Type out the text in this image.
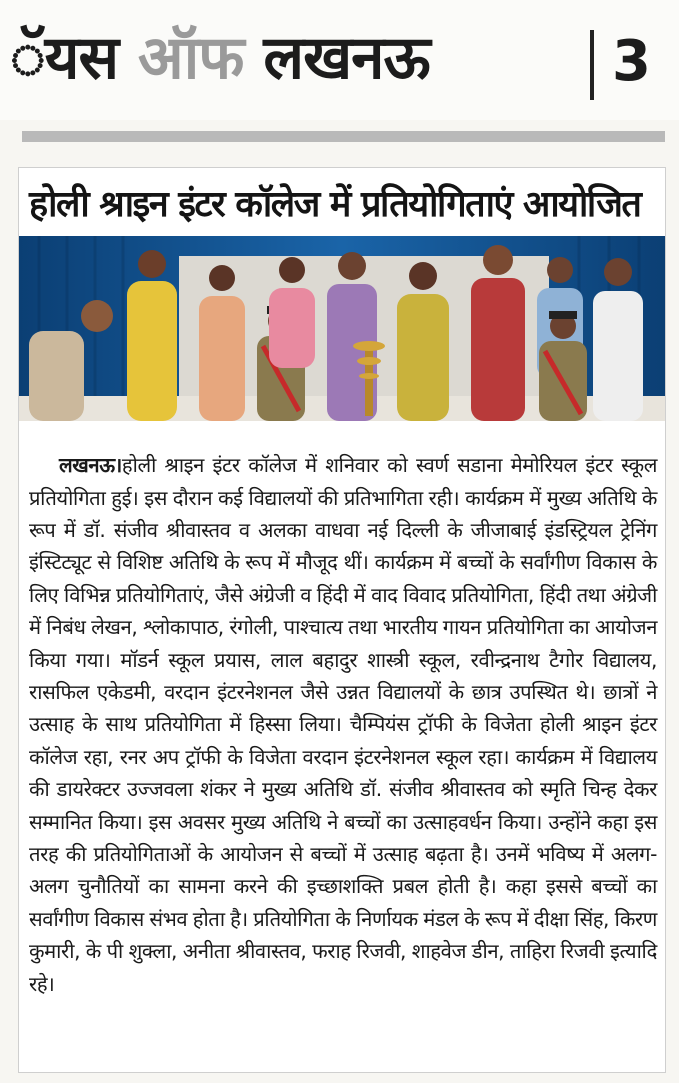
ॅयस ऑफ लखनऊ	3
होली श्राइन इंटर कॉलेज में प्रतियोगिताएं आयोजित

लखनऊ।होली श्राइन इंटर कॉलेज में शनिवार को स्वर्ण सडाना मेमोरियल इंटर स्कूल प्रतियोगिता हुई। इस दौरान कई विद्यालयों की प्रतिभागिता रही। कार्यक्रम में मुख्य अतिथि के रूप में डॉ. संजीव श्रीवास्तव व अलका वाधवा नई दिल्ली के जीजाबाई इंडस्ट्रियल ट्रेनिंग इंस्टिट्यूट से विशिष्ट अतिथि के रूप में मौजूद थीं। कार्यक्रम में बच्चों के सर्वांगीण विकास के लिए विभिन्न प्रतियोगिताएं, जैसे अंग्रेजी व हिंदी में वाद विवाद प्रतियोगिता, हिंदी तथा अंग्रेजी में निबंध लेखन, श्लोकापाठ, रंगोली, पाश्चात्य तथा भारतीय गायन प्रतियोगिता का आयोजन किया गया। मॉडर्न स्कूल प्रयास, लाल बहादुर शास्त्री स्कूल, रवीन्द्रनाथ टैगोर विद्यालय, रासफिल एकेडमी, वरदान इंटरनेशनल जैसे उन्नत विद्यालयों के छात्र उपस्थित थे। छात्रों ने उत्साह के साथ प्रतियोगिता में हिस्सा लिया। चैम्पियंस ट्रॉफी के विजेता होली श्राइन इंटर कॉलेज रहा, रनर अप ट्रॉफी के विजेता वरदान इंटरनेशनल स्कूल रहा। कार्यक्रम में विद्यालय की डायरेक्टर उज्जवला शंकर ने मुख्य अतिथि डॉ. संजीव श्रीवास्तव को स्मृति चिन्ह देकर सम्मानित किया। इस अवसर मुख्य अतिथि ने बच्चों का उत्साहवर्धन किया। उन्होंने कहा इस तरह की प्रतियोगिताओं के आयोजन से बच्चों में उत्साह बढ़ता है। उनमें भविष्य में अलग-अलग चुनौतियों का सामना करने की इच्छाशक्ति प्रबल होती है। कहा इससे बच्चों का सर्वांगीण विकास संभव होता है। प्रतियोगिता के निर्णायक मंडल के रूप में दीक्षा सिंह, किरण कुमारी, के पी शुक्ला, अनीता श्रीवास्तव, फराह रिजवी, शाहवेज डीन, ताहिरा रिजवी इत्यादि रहे।
